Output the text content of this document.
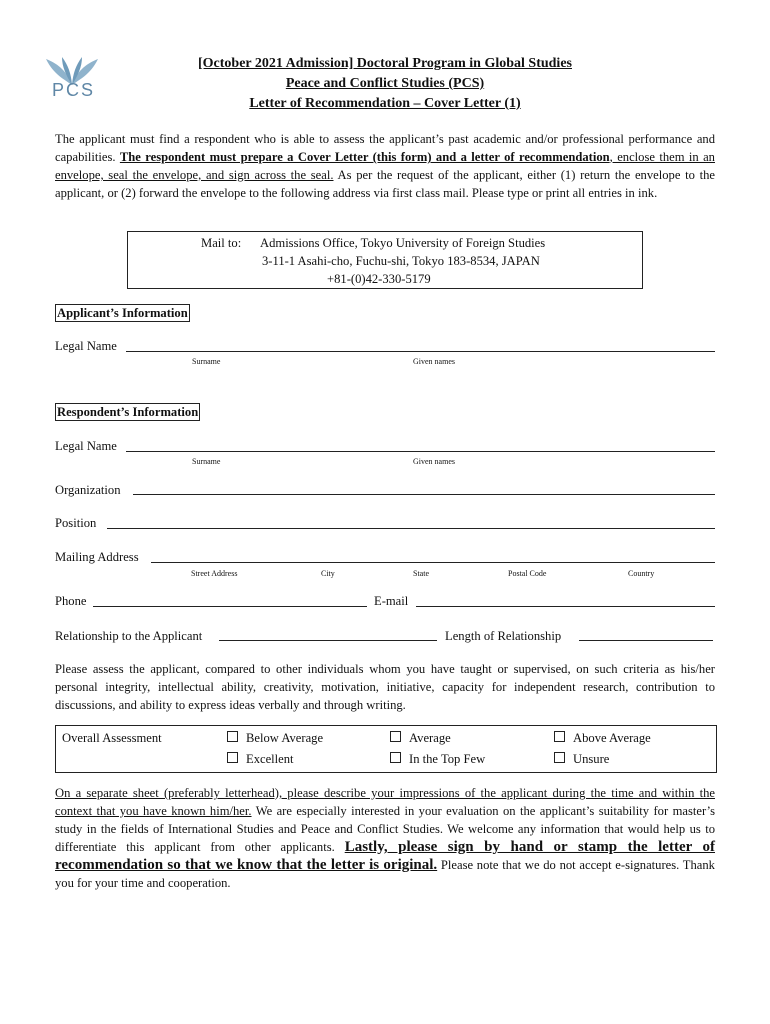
PCS
[October 2021 Admission] Doctoral Program in Global Studies
Peace and Conflict Studies (PCS)
Letter of Recommendation – Cover Letter (1)
The applicant must find a respondent who is able to assess the applicant’s past academic and/or professional performance and capabilities. The respondent must prepare a Cover Letter (this form) and a letter of recommendation, enclose them in an envelope, seal the envelope, and sign across the seal. As per the request of the applicant, either (1) return the envelope to the applicant, or (2) forward the envelope to the following address via first class mail. Please type or print all entries in ink.
Mail to: Admissions Office, Tokyo University of Foreign Studies
3-11-1 Asahi-cho, Fuchu-shi, Tokyo 183-8534, JAPAN
+81-(0)42-330-5179
Applicant’s Information
Legal Name
Surname	Given names
Respondent’s Information
Legal Name
Surname	Given names
Organization
Position
Mailing Address
Street Address	City	State	Postal Code	Country
Phone	E-mail
Relationship to the Applicant	Length of Relationship
Please assess the applicant, compared to other individuals whom you have taught or supervised, on such criteria as his/her personal integrity, intellectual ability, creativity, motivation, initiative, capacity for independent research, contribution to discussions, and ability to express ideas verbally and through writing.
Overall Assessment	Below Average	Average	Above Average
Excellent	In the Top Few	Unsure
On a separate sheet (preferably letterhead), please describe your impressions of the applicant during the time and within the context that you have known him/her. We are especially interested in your evaluation on the applicant’s suitability for master’s study in the fields of International Studies and Peace and Conflict Studies. We welcome any information that would help us to differentiate this applicant from other applicants. Lastly, please sign by hand or stamp the letter of recommendation so that we know that the letter is original. Please note that we do not accept e-signatures. Thank you for your time and cooperation.
